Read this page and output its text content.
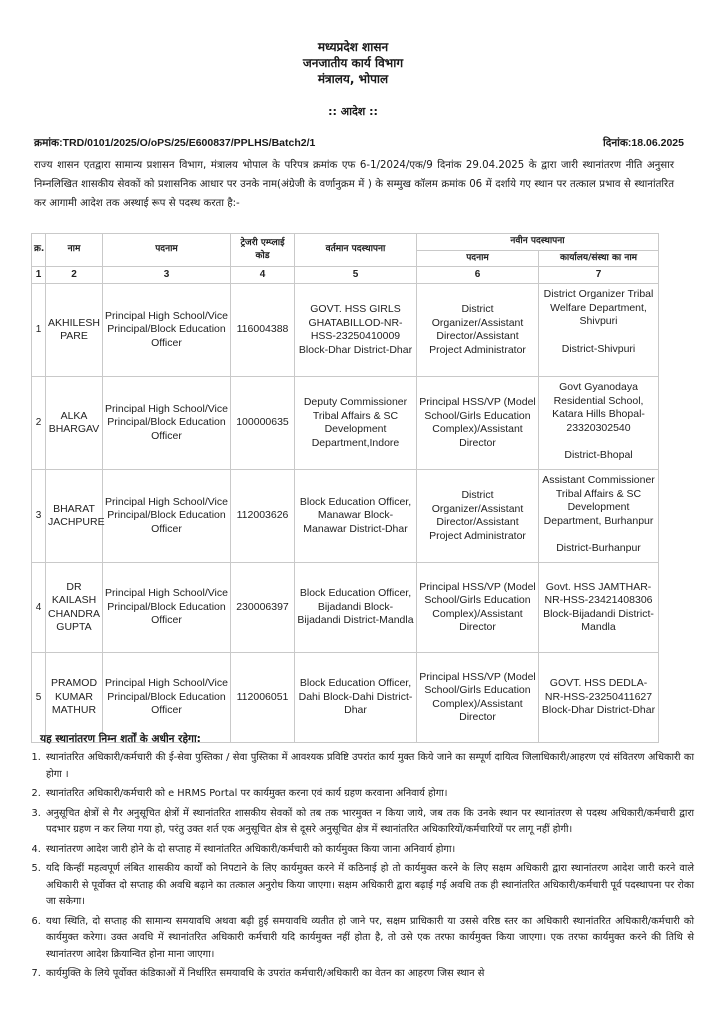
मध्यप्रदेश शासन
जनजातीय कार्य विभाग
मंत्रालय, भोपाल
:: आदेश ::
क्रमांक:TRD/0101/2025/O/oPS/25/E600837/PPLHS/Batch2/1	दिनांक:18.06.2025
राज्य शासन एतद्वारा सामान्य प्रशासन विभाग, मंत्रालय भोपाल के परिपत्र क्रमांक एफ 6-1/2024/एक/9 दिनांक 29.04.2025 के द्वारा जारी स्थानांतरण नीति अनुसार निम्नलिखित शासकीय सेवकों को प्रशासनिक आधार पर उनके नाम(अंग्रेजी के वर्णानुक्रम में ) के सम्मुख कॉलम क्रमांक 06 में दर्शाये गए स्थान पर तत्काल प्रभाव से स्थानांतरित कर आगामी आदेश तक अस्थाई रूप से पदस्थ करता है:-
क्र.	नाम	पदनाम	ट्रेजरी एम्प्लाई कोड	वर्तमान पदस्थापना	नवीन पदस्थापना	
					पदनाम	कार्यालय/संस्था का नाम
1	2	3	4	5	6	7
1	AKHILESH PARE	Principal High School/Vice Principal/Block Education Officer	116004388	GOVT. HSS GIRLS GHATABILLOD-NR-HSS-23250410009 Block-Dhar District-Dhar	District Organizer/Assistant Director/Assistant Project Administrator	District Organizer Tribal Welfare Department, Shivpuri
District-Shivpuri

2	ALKA BHARGAV	Principal High School/Vice Principal/Block Education Officer	100000635	Deputy Commissioner Tribal Affairs & SC Development Department,Indore	Principal HSS/VP (Model School/Girls Education Complex)/Assistant Director	Govt Gyanodaya Residential School, Katara Hills Bhopal-23320302540
District-Bhopal

3	BHARAT JACHPURE	Principal High School/Vice Principal/Block Education Officer	112003626	Block Education Officer, Manawar Block-Manawar District-Dhar	District Organizer/Assistant Director/Assistant Project Administrator	Assistant Commissioner Tribal Affairs & SC Development Department, Burhanpur
District-Burhanpur

4	DR KAILASH CHANDRA GUPTA	Principal High School/Vice Principal/Block Education Officer	230006397	Block Education Officer, Bijadandi Block-Bijadandi District-Mandla	Principal HSS/VP (Model School/Girls Education Complex)/Assistant Director	Govt. HSS JAMTHAR-NR-HSS-23421408306 Block-Bijadandi District-Mandla
5	PRAMOD KUMAR MATHUR	Principal High School/Vice Principal/Block Education Officer	112006051	Block Education Officer, Dahi Block-Dahi District-Dhar	Principal HSS/VP (Model School/Girls Education Complex)/Assistant Director	GOVT. HSS DEDLA-NR-HSS-23250411627 Block-Dhar District-Dhar
यह स्थानांतरण निम्न शर्तों के अधीन रहेगा:
1. स्थानांतरित अधिकारी/कर्मचारी की ई-सेवा पुस्तिका / सेवा पुस्तिका में आवश्यक प्रविष्टि उपरांत कार्य मुक्त किये जाने का सम्पूर्ण दायित्व जिलाधिकारी/आहरण एवं संवितरण अधिकारी का होगा ।
2. स्थानांतरित अधिकारी/कर्मचारी को e HRMS Portal पर कार्यमुक्त करना एवं कार्य ग्रहण करवाना अनिवार्य होगा।
3. अनुसूचित क्षेत्रों से गैर अनुसूचित क्षेत्रों में स्थानांतरित शासकीय सेवकों को तब तक भारमुक्त न किया जाये, जब तक कि उनके स्थान पर स्थानांतरण से पदस्थ अधिकारी/कर्मचारी द्वारा पदभार ग्रहण न कर लिया गया हो, परंतु उक्त शर्त एक अनुसूचित क्षेत्र से दूसरे अनुसूचित क्षेत्र में स्थानांतरित अधिकारियों/कर्मचारियों पर लागू नहीं होगी।
4. स्थानांतरण आदेश जारी होने के दो सप्ताह में स्थानांतरित अधिकारी/कर्मचारी को कार्यमुक्त किया जाना अनिवार्य होगा।
5. यदि किन्हीं महत्वपूर्ण लंबित शासकीय कार्यों को निपटाने के लिए कार्यमुक्त करने में कठिनाई हो तो कार्यमुक्त करने के लिए सक्षम अधिकारी द्वारा स्थानांतरण आदेश जारी करने वाले अधिकारी से पूर्वोक्त दो सप्ताह की अवधि बढ़ाने का तत्काल अनुरोध किया जाएगा। सक्षम अधिकारी द्वारा बढ़ाई गई अवधि तक ही स्थानांतरित अधिकारी/कर्मचारी पूर्व पदस्थापना पर रोका जा सकेगा।
6. यथा स्थिति, दो सप्ताह की सामान्य समयावधि अथवा बढ़ी हुई समयावधि व्यतीत हो जाने पर, सक्षम प्राधिकारी या उससे वरिष्ठ स्तर का अधिकारी स्थानांतरित अधिकारी/कर्मचारी को कार्यमुक्त करेगा। उक्त अवधि में स्थानांतरित अधिकारी कर्मचारी यदि कार्यमुक्त नहीं होता है, तो उसे एक तरफा कार्यमुक्त किया जाएगा। एक तरफा कार्यमुक्त करने की तिथि से स्थानांतरण आदेश क्रियान्वित होना माना जाएगा।
7. कार्यमुक्ति के लिये पूर्वोक्त कंडिकाओं में निर्धारित समयावधि के उपरांत कर्मचारी/अधिकारी का वेतन का आहरण जिस स्थान से
